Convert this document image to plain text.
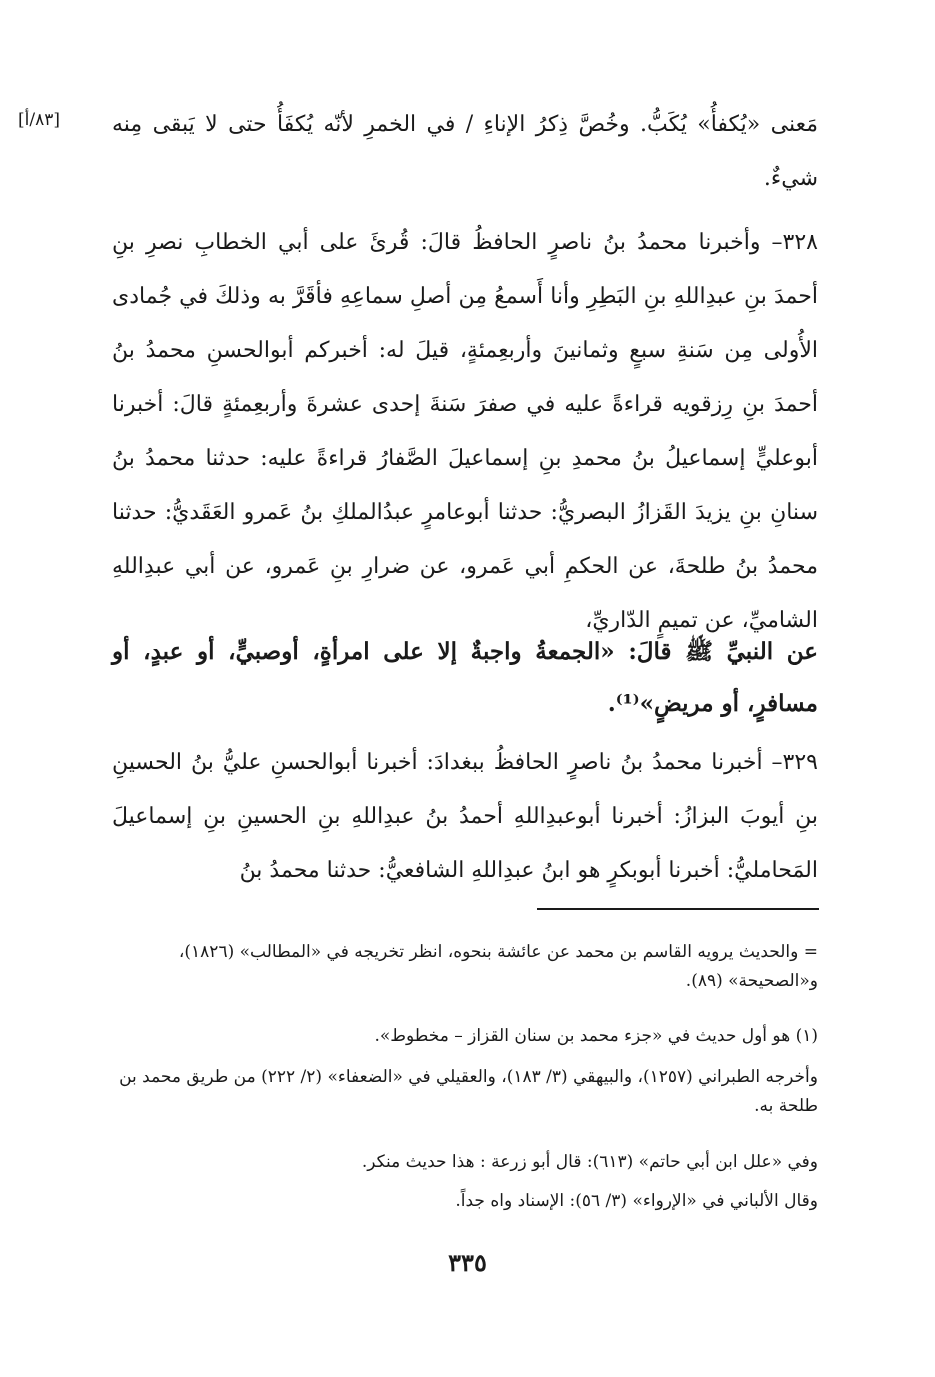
[٨٣/أ]	مَعنى «يُكفأُ» يُكَبُّ. وخُصَّ ذِكرُ الإناءِ / في الخمرِ لأنّه يُكفَأُ حتى لا يَبقى مِنه شيءٌ.

٣٢٨– وأخبرنا محمدُ بنُ ناصرٍ الحافظُ قالَ: قُرئَ على أبي الخطابِ نصرِ بنِ أحمدَ بنِ عبدِاللهِ بنِ البَطِرِ وأنا أَسمعُ مِن أصلِ سماعِهِ فأقَرَّ به وذلكَ في جُمادى الأُولى مِن سَنةِ سبعٍ وثمانينَ وأربعِمئةٍ، قيلَ له: أخبركم أبوالحسنِ محمدُ بنُ أحمدَ بنِ رِزقويه قراءةً عليه في صفرَ سَنةَ إحدى عشرةَ وأربعِمئةٍ قالَ: أخبرنا أبوعليٍّ إسماعيلُ بنُ محمدِ بنِ إسماعيلَ الصَّفارُ قراءةً عليه: حدثنا محمدُ بنُ سنانِ بنِ يزيدَ القَزازُ البصريُّ: حدثنا أبوعامرٍ عبدُالملكِ بنُ عَمرو العَقَديُّ: حدثنا محمدُ بنُ طلحةَ، عن الحكمِ أبي عَمرو، عن ضرارِ بنِ عَمرو، عن أبي عبدِاللهِ الشاميِّ، عن تميمٍ الدّاريِّ،

عن النبيِّ ﷺ قالَ: «الجمعةُ واجبةٌ إلا على امرأةٍ، أوصبيٍّ، أو عبدٍ، أو مسافرٍ، أو مريضٍ»⁽¹⁾.

٣٢٩– أخبرنا محمدُ بنُ ناصرٍ الحافظُ ببغدادَ: أخبرنا أبوالحسنِ عليُّ بنُ الحسينِ بنِ أيوبَ البزازُ: أخبرنا أبوعبدِاللهِ أحمدُ بنُ عبدِاللهِ بنِ الحسينِ بنِ إسماعيلَ المَحامليُّ: أخبرنا أبوبكرٍ هو ابنُ عبدِاللهِ الشافعيُّ: حدثنا محمدُ بنُ

= والحديث يرويه القاسم بن محمد عن عائشة بنحوه، انظر تخريجه في «المطالب» (١٨٢٦)، و«الصحيحة» (٨٩).
(١) هو أول حديث في «جزء محمد بن سنان القزاز – مخطوط».
وأخرجه الطبراني (١٢٥٧)، والبيهقي (٣/ ١٨٣)، والعقيلي في «الضعفاء» (٢/ ٢٢٢) من طريق محمد بن طلحة به.
وفي «علل ابن أبي حاتم» (٦١٣): قال أبو زرعة : هذا حديث منكر.
وقال الألباني في «الإرواء» (٣/ ٥٦): الإسناد واه جداً.
٣٣٥
